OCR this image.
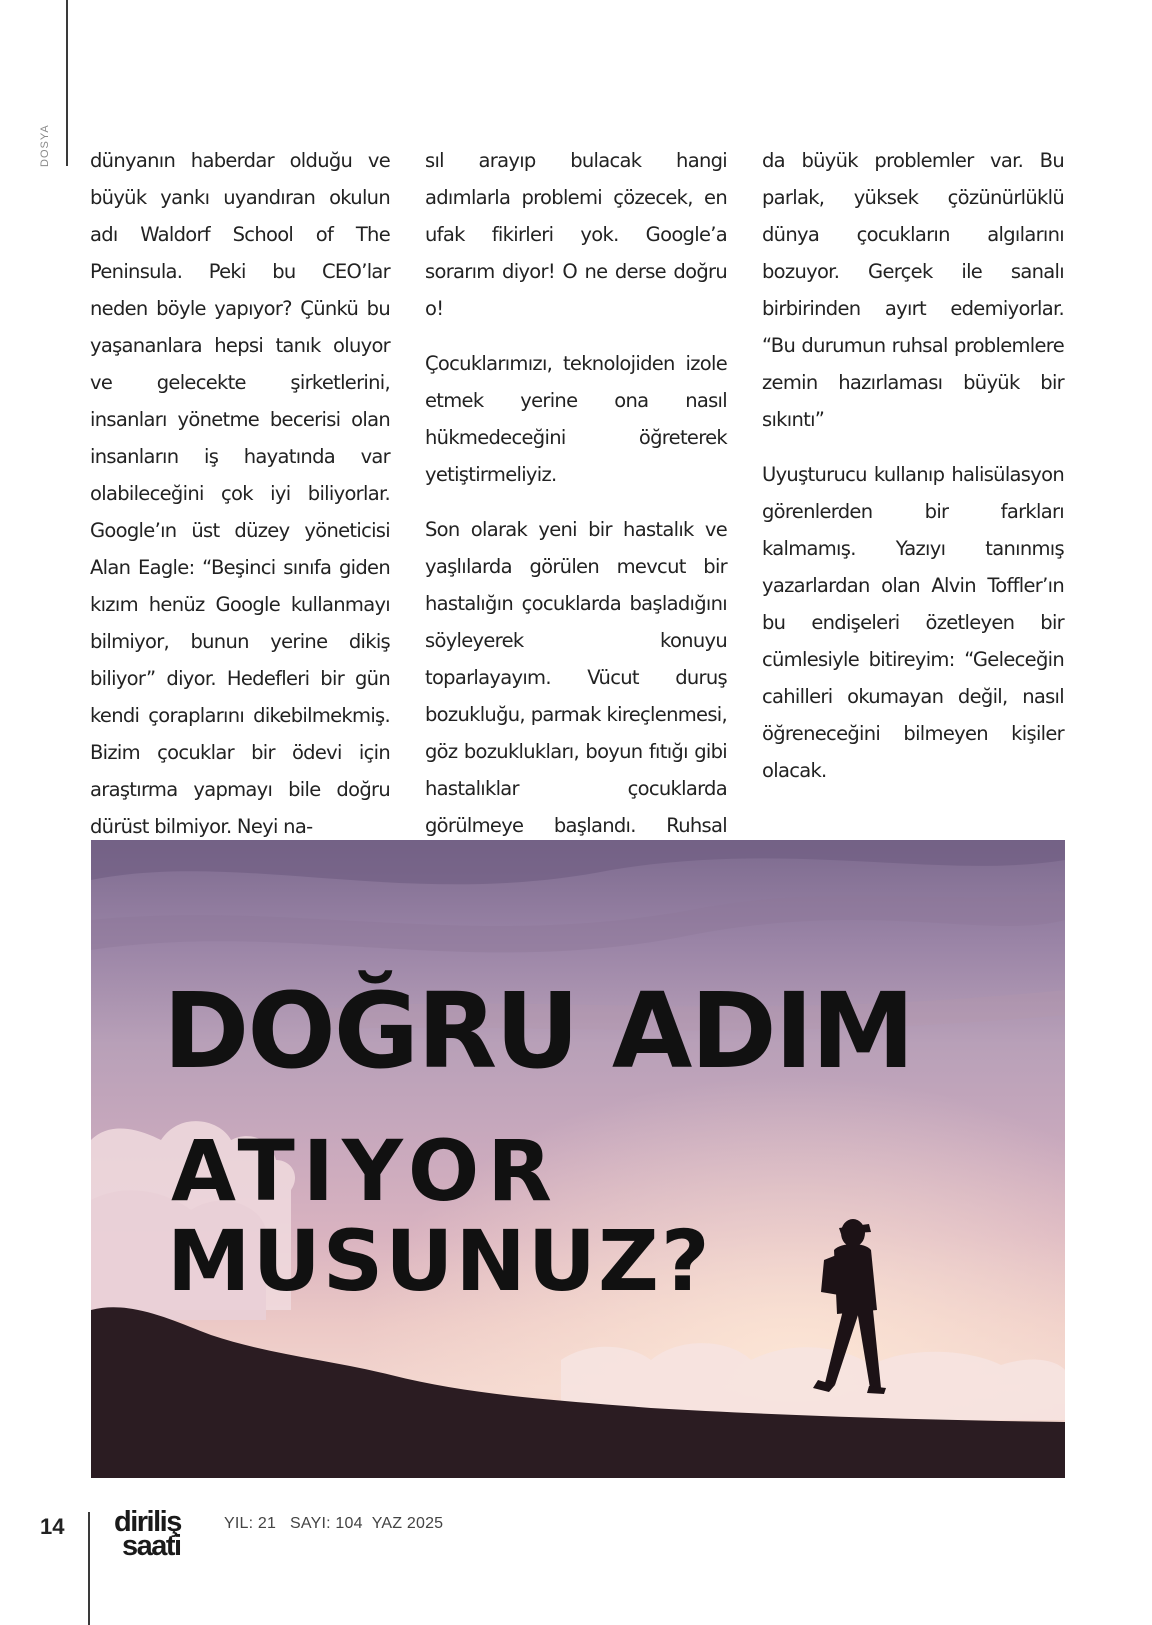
DOSYA dünyanın haberdar olduğu ve büyük yankı uyandıran okulun adı Waldorf School of The Peninsula. Peki bu CEO’lar neden böyle yapıyor? Çünkü bu yaşananlara hepsi tanık oluyor ve gelecekte şirketlerini, insanları yönetme becerisi olan insanların iş hayatında var olabileceğini çok iyi biliyorlar. Google’ın üst düzey yöneticisi Alan Eagle: “Beşinci sınıfa giden kızım henüz Google kullanmayı bilmiyor, bunun yerine dikiş biliyor” diyor. Hedefleri bir gün kendi çoraplarını dikebilmekmiş. Bizim çocuklar bir ödevi için araştırma yapmayı bile doğru dürüst bilmiyor. Neyi na-

sıl arayıp bulacak hangi adımlarla problemi çözecek, en ufak fikirleri yok. Google’a sorarım diyor! O ne derse doğru o!

Çocuklarımızı, teknolojiden izole etmek yerine ona nasıl hükmedeceğini öğreterek yetiştirmeliyiz.

Son olarak yeni bir hastalık ve yaşlılarda görülen mevcut bir hastalığın çocuklarda başladığını söyleyerek konuyu toparlayayım. Vücut duruş bozukluğu, parmak kireçlenmesi, göz bozuklukları, boyun fıtığı gibi hastalıklar çocuklarda görülmeye başlandı. Ruhsal

da büyük problemler var. Bu parlak, yüksek çözünürlüklü dünya çocukların algılarını bozuyor. Gerçek ile sanalı birbirinden ayırt edemiyorlar. “Bu durumun ruhsal problemlere zemin hazırlaması büyük bir sıkıntı”

Uyuşturucu kullanıp halisülasyon görenlerden bir farkları kalmamış. Yazıyı tanınmış yazarlardan olan Alvin Toffler’ın bu endişeleri özetleyen bir cümlesiyle bitireyim: “Geleceğin cahilleri okumayan değil, nasıl öğreneceğini bilmeyen kişiler olacak.

DOĞRU ADIM
ATIYOR
MUSUNUZ?
14 diriliş
saati
YIL: 21   SAYI: 104  YAZ 2025
